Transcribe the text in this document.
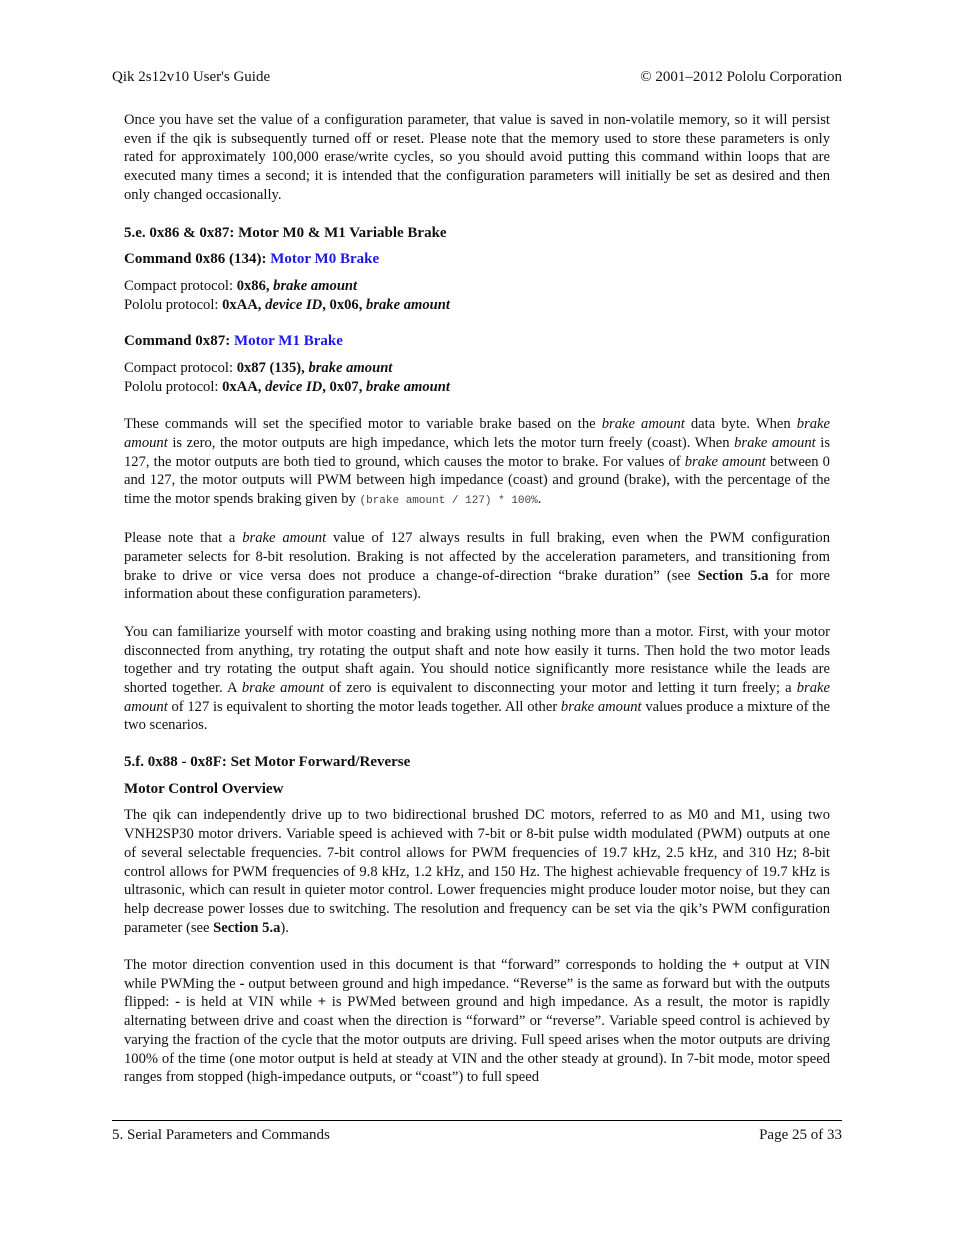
Qik 2s12v10 User's Guide	© 2001–2012 Pololu Corporation

Once you have set the value of a configuration parameter, that value is saved in non-volatile memory, so it will persist even if the qik is subsequently turned off or reset. Please note that the memory used to store these parameters is only rated for approximately 100,000 erase/write cycles, so you should avoid putting this command within loops that are executed many times a second; it is intended that the configuration parameters will initially be set as desired and then only changed occasionally.

5.e. 0x86 & 0x87: Motor M0 & M1 Variable Brake
Command 0x86 (134): Motor M0 Brake

Compact protocol: 0x86, brake amount

Pololu protocol: 0xAA, device ID, 0x06, brake amount

Command 0x87: Motor M1 Brake

Compact protocol: 0x87 (135), brake amount

Pololu protocol: 0xAA, device ID, 0x07, brake amount

These commands will set the specified motor to variable brake based on the brake amount data byte. When brake amount is zero, the motor outputs are high impedance, which lets the motor turn freely (coast). When brake amount is 127, the motor outputs are both tied to ground, which causes the motor to brake. For values of brake amount between 0 and 127, the motor outputs will PWM between high impedance (coast) and ground (brake), with the percentage of the time the motor spends braking given by (brake amount / 127) * 100%.

Please note that a brake amount value of 127 always results in full braking, even when the PWM configuration parameter selects for 8-bit resolution. Braking is not affected by the acceleration parameters, and transitioning from brake to drive or vice versa does not produce a change-of-direction “brake duration” (see Section 5.a for more information about these configuration parameters).

You can familiarize yourself with motor coasting and braking using nothing more than a motor. First, with your motor disconnected from anything, try rotating the output shaft and note how easily it turns. Then hold the two motor leads together and try rotating the output shaft again. You should notice significantly more resistance while the leads are shorted together. A brake amount of zero is equivalent to disconnecting your motor and letting it turn freely; a brake amount of 127 is equivalent to shorting the motor leads together. All other brake amount values produce a mixture of the two scenarios.

5.f. 0x88 - 0x8F: Set Motor Forward/Reverse
Motor Control Overview

The qik can independently drive up to two bidirectional brushed DC motors, referred to as M0 and M1, using two VNH2SP30 motor drivers. Variable speed is achieved with 7-bit or 8-bit pulse width modulated (PWM) outputs at one of several selectable frequencies. 7-bit control allows for PWM frequencies of 19.7 kHz, 2.5 kHz, and 310 Hz; 8-bit control allows for PWM frequencies of 9.8 kHz, 1.2 kHz, and 150 Hz. The highest achievable frequency of 19.7 kHz is ultrasonic, which can result in quieter motor control. Lower frequencies might produce louder motor noise, but they can help decrease power losses due to switching. The resolution and frequency can be set via the qik’s PWM configuration parameter (see Section 5.a).

The motor direction convention used in this document is that “forward” corresponds to holding the + output at VIN while PWMing the - output between ground and high impedance. “Reverse” is the same as forward but with the outputs flipped: - is held at VIN while + is PWMed between ground and high impedance. As a result, the motor is rapidly alternating between drive and coast when the direction is “forward” or “reverse”. Variable speed control is achieved by varying the fraction of the cycle that the motor outputs are driving. Full speed arises when the motor outputs are driving 100% of the time (one motor output is held at steady at VIN and the other steady at ground). In 7-bit mode, motor speed ranges from stopped (high-impedance outputs, or “coast”) to full speed

5. Serial Parameters and Commands	Page 25 of 33
